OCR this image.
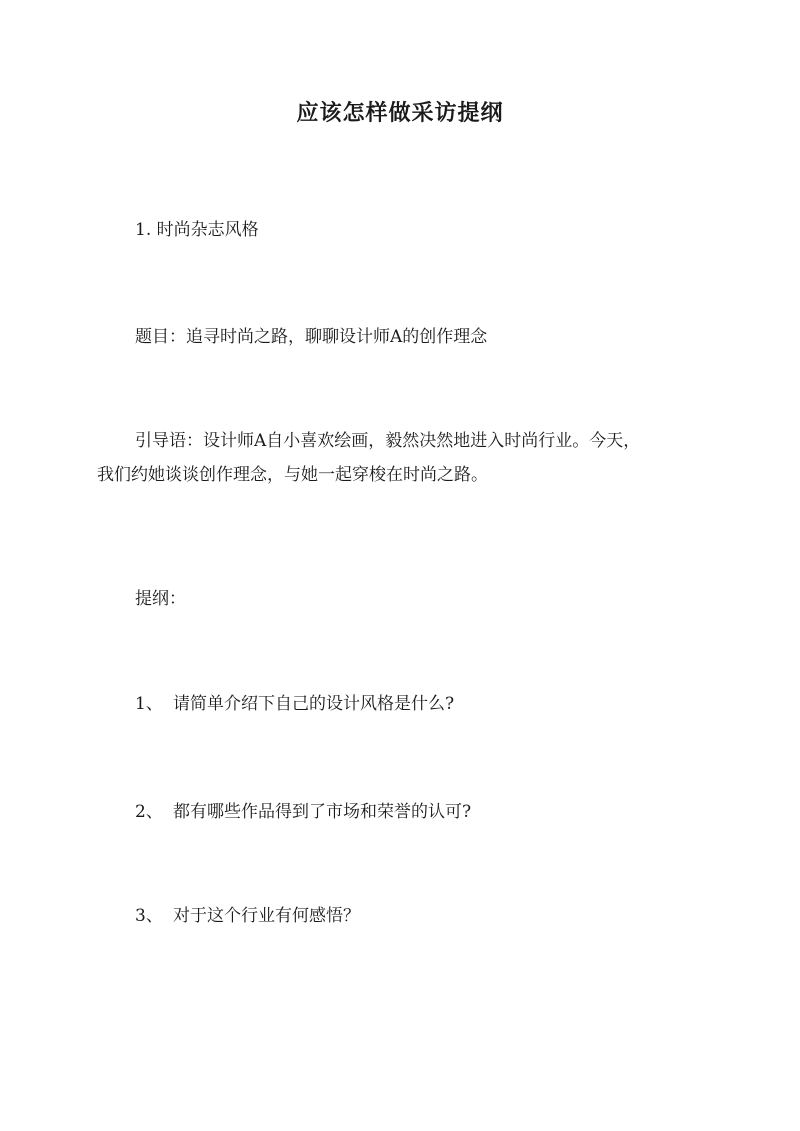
应该怎样做采访提纲
1. 时尚杂志风格
题目：追寻时尚之路，聊聊设计师A的创作理念
引导语：设计师A自小喜欢绘画，毅然决然地进入时尚行业。今天，
我们约她谈谈创作理念，与她一起穿梭在时尚之路。
提纲：
1、 请简单介绍下自己的设计风格是什么?
2、 都有哪些作品得到了市场和荣誉的认可?
3、 对于这个行业有何感悟？
